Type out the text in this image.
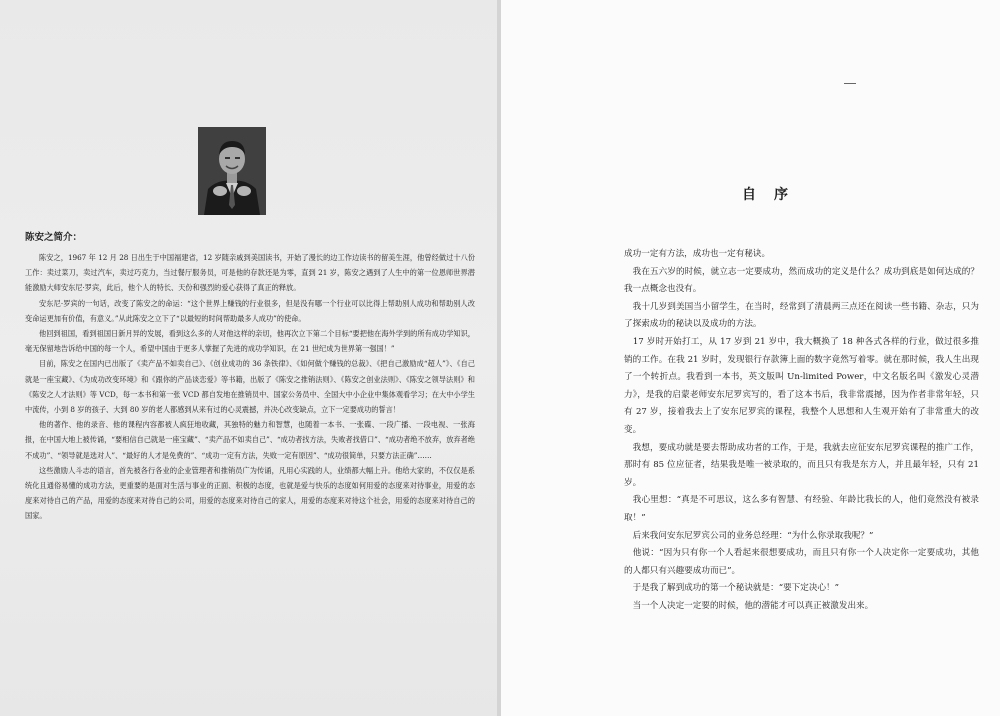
陈安之简介：

陈安之，1967 年 12 月 28 日出生于中国福建省，12 岁随亲戚到美国读书，开始了漫长的边工作边读书的留美生涯，他曾经做过十八份工作：卖过菜刀，卖过汽车，卖过巧克力，当过餐厅服务员，可是他的存款还是为零，直到 21 岁，陈安之遇到了人生中的第一位恩师世界潜能激励大师安东尼·罗宾，此后，他个人的特长、天份和强烈的爱心获得了真正的释放。

安东尼·罗宾的一句话，改变了陈安之的命运：“这个世界上赚钱的行业很多，但是没有哪一个行业可以比得上帮助别人成功和帮助别人改变命运更加有价值，有意义。”从此陈安之立下了“以最短的时间帮助最多人成功”的使命。

他回到祖国，看到祖国日新月异的发展，看到这么多的人对他这样的亲切，他再次立下第二个目标“要把他在海外学到的所有成功学知识，毫无保留地告诉给中国的每一个人，希望中国由于更多人掌握了先进的成功学知识，在 21 世纪成为世界第一强国！”

目前，陈安之在国内已出版了《卖产品不如卖自己》、《创业成功的 36 条铁律》、《如何做个赚钱的总裁》、《把自己激励成“超人”》、《自己就是一座宝藏》、《为成功改变环境》和《跟你的产品谈恋爱》等书籍，出版了《陈安之推销法则》、《陈安之创业法则》、《陈安之领导法则》和《陈安之人才法则》等 VCD，每一本书和第一张 VCD 都自发地在推销员中、国家公务员中、全国大中小企业中集体观看学习；在大中小学生中流传，小到 8 岁的孩子、大到 80 岁的老人都感到从来有过的心灵震撼，并决心改变缺点，立下一定要成功的誓言！

他的著作、他的录音、他的课程内容都被人疯狂地收藏，其独特的魅力和智慧，也随着一本书、一张碟、一段广播、一段电视、一张海报，在中国大地上被传诵，“要相信自己就是一座宝藏”、“卖产品不如卖自己”、“成功者找方法，失败者找借口”、“成功者绝不放弃，放弃者绝不成功”、“领导就是选对人”、“最好的人才是免费的”、“成功一定有方法，失败一定有原因”、“成功很简单，只要方法正确”……

这些激励人斗志的语言，首先被各行各业的企业管理者和推销员广为传诵，凡用心实践的人，业绩都大幅上升。他给大家的，不仅仅是系统化且通俗易懂的成功方法，更重要的是面对生活与事业的正面、积极的态度，也就是爱与快乐的态度如何用爱的态度来对待事业，用爱的态度来对待自己的产品，用爱的态度来对待自己的公司，用爱的态度来对待自己的家人，用爱的态度来对待这个社会，用爱的态度来对待自己的国家。

自序

成功一定有方法，成功也一定有秘诀。

　我在五六岁的时候，就立志一定要成功，然而成功的定义是什么？成功到底是如何达成的？我一点概念也没有。

　我十几岁到美国当小留学生，在当时，经常到了清晨两三点还在阅读一些书籍、杂志，只为了探索成功的秘诀以及成功的方法。

　17 岁时开始打工，从 17 岁到 21 岁中，我大概换了 18 种各式各样的行业，做过很多推销的工作。在我 21 岁时，发现银行存款簿上面的数字竟然写着零。就在那时候，我人生出现了一个转折点。我看到一本书，英文版叫 Un-limited Power，中文名版名叫《激发心灵潜力》，是我的启蒙老师安东尼罗宾写的，看了这本书后，我非常震撼，因为作者非常年轻，只有 27 岁，接着我去上了安东尼罗宾的课程，我整个人思想和人生观开始有了非常重大的改变。

　我想，要成功就是要去帮助成功者的工作，于是，我就去应征安东尼罗宾课程的推广工作，那时有 85 位应征者，结果我是唯一被录取的，而且只有我是东方人，并且最年轻，只有 21 岁。

　我心里想：“真是不可思议，这么多有智慧、有经验、年龄比我长的人，他们竟然没有被录取！”

　后来我问安东尼罗宾公司的业务总经理：“为什么你录取我呢？”

　他说：“因为只有你一个人看起来很想要成功，而且只有你一个人决定你一定要成功，其他的人都只有兴趣要成功而已”。

　于是我了解到成功的第一个秘诀就是：“要下定决心！”

　当一个人决定一定要的时候，他的潜能才可以真正被激发出来。
